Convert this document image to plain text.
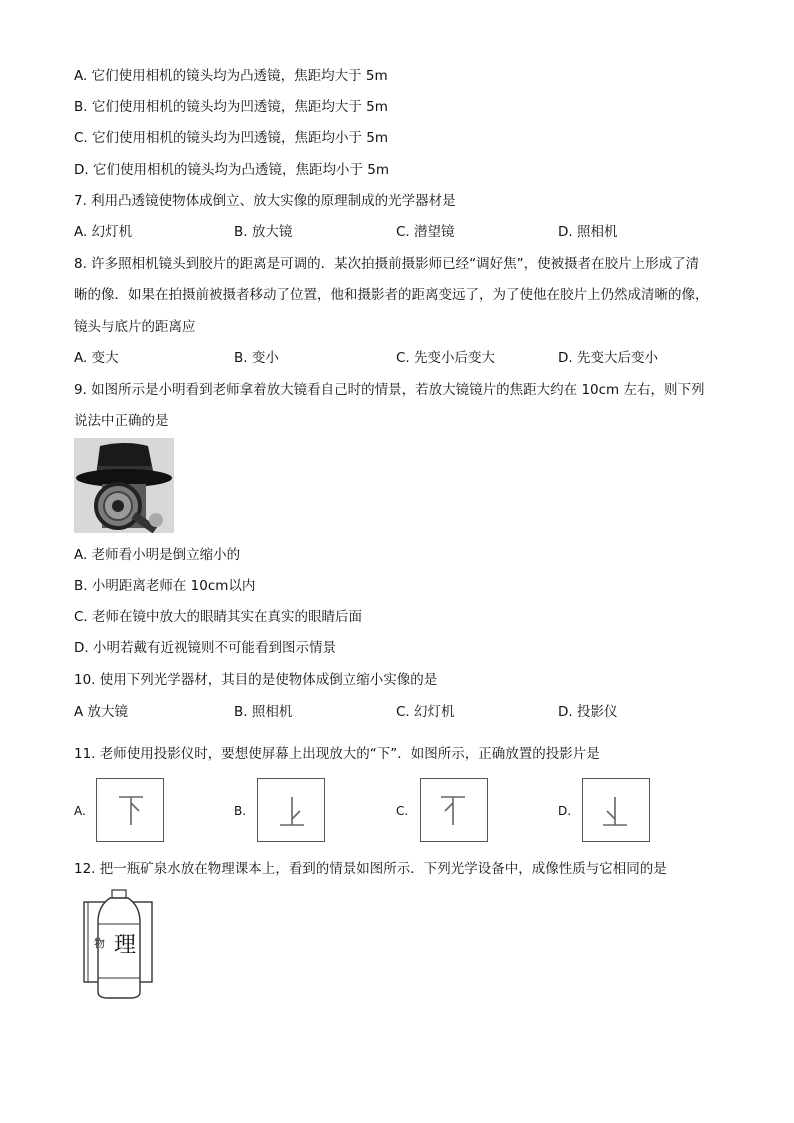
A. 它们使用相机的镜头均为凸透镜，焦距均大于 5m
B. 它们使用相机的镜头均为凹透镜，焦距均大于 5m
C. 它们使用相机的镜头均为凹透镜，焦距均小于 5m
D. 它们使用相机的镜头均为凸透镜，焦距均小于 5m
7. 利用凸透镜使物体成倒立、放大实像的原理制成的光学器材是
A. 幻灯机	B. 放大镜	C. 潜望镜	D. 照相机
8. 许多照相机镜头到胶片的距离是可调的．某次拍摄前摄影师已经“调好焦”，使被摄者在胶片上形成了清
晰的像．如果在拍摄前被摄者移动了位置，他和摄影者的距离变远了，为了使他在胶片上仍然成清晰的像，
镜头与底片的距离应
A. 变大	B. 变小	C. 先变小后变大	D. 先变大后变小
9. 如图所示是小明看到老师拿着放大镜看自己时的情景，若放大镜镜片的焦距大约在 10cm 左右，则下列
说法中正确的是
A. 老师看小明是倒立缩小的
B. 小明距离老师在 10cm以内
C. 老师在镜中放大的眼睛其实在真实的眼睛后面
D. 小明若戴有近视镜则不可能看到图示情景
10. 使用下列光学器材，其目的是使物体成倒立缩小实像的是
A 放大镜	B. 照相机	C. 幻灯机	D. 投影仪
11. 老师使用投影仪时，要想使屏幕上出现放大的“下”．如图所示，正确放置的投影片是
A.	B.	C.	D.
12. 把一瓶矿泉水放在物理课本上，看到的情景如图所示．下列光学设备中，成像性质与它相同的是
物 理
